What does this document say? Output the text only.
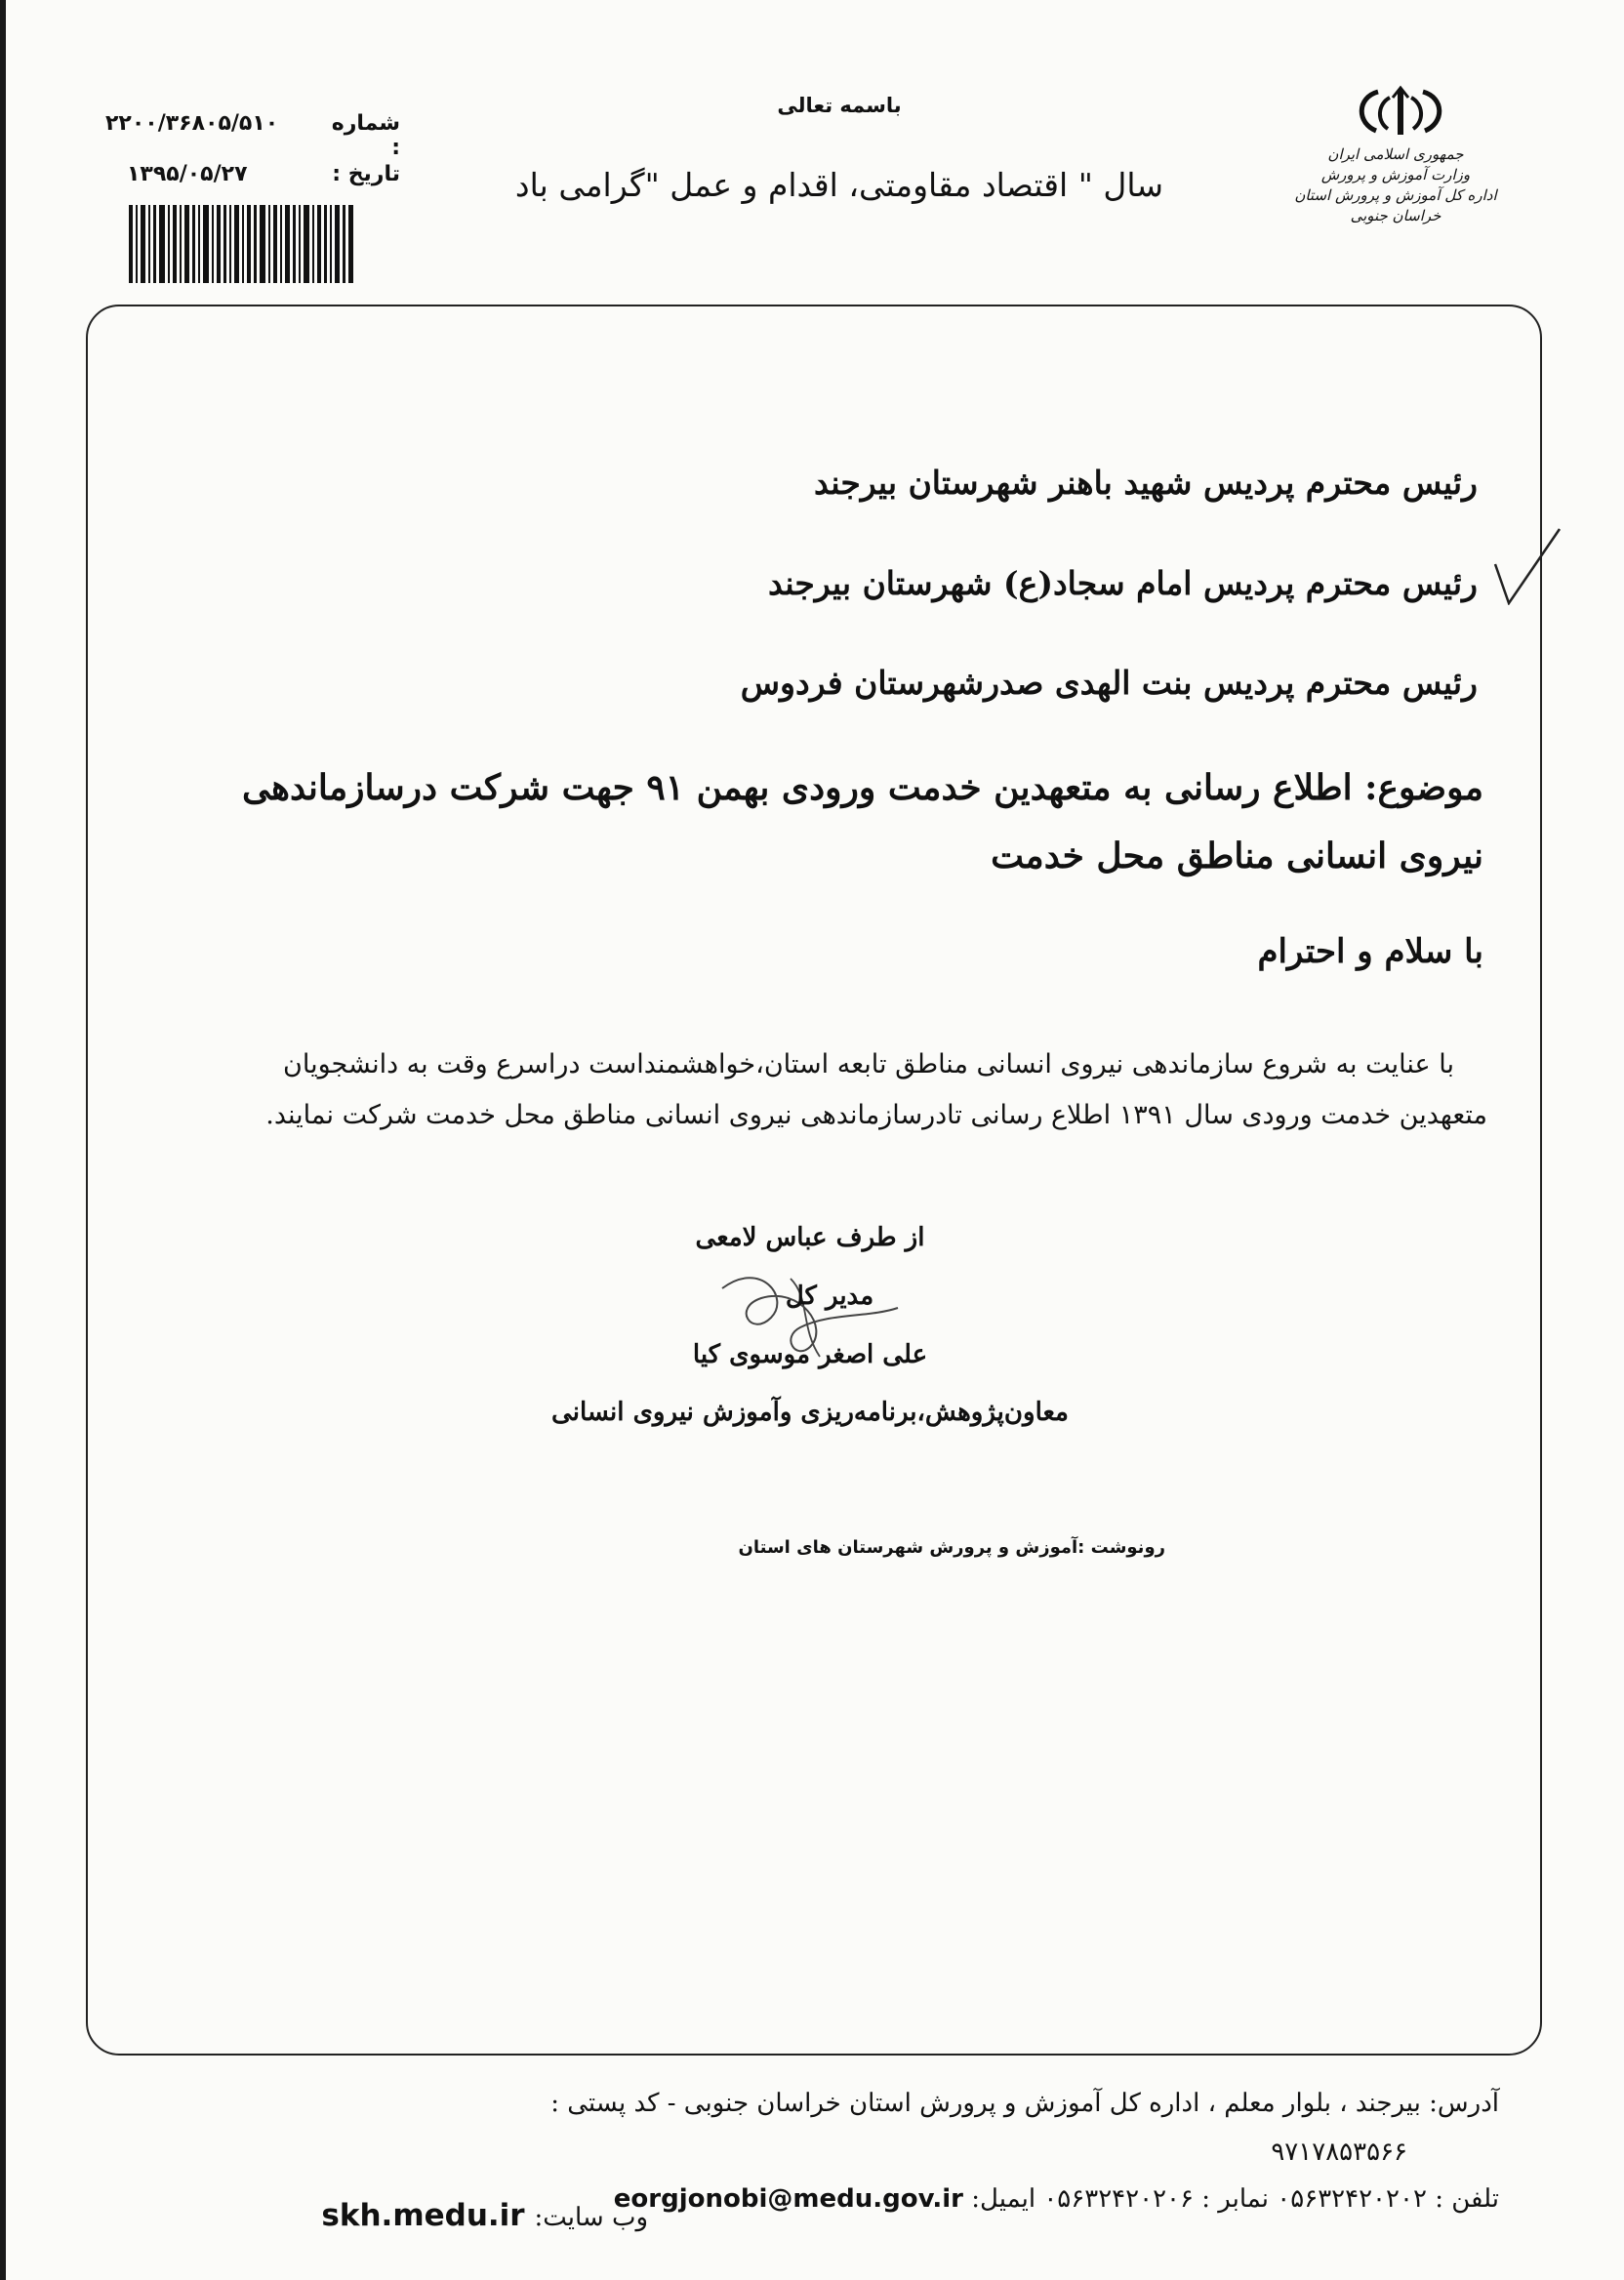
باسمه تعالی
سال " اقتصاد مقاومتی، اقدام و عمل "گرامی باد
جمهوری اسلامی ایران
وزارت آموزش و پرورش
اداره کل آموزش و پرورش استان خراسان جنوبی
شماره :
۲۲۰۰/۳۶۸۰۵/۵۱۰
تاریخ :
۱۳۹۵/۰۵/۲۷
رئیس محترم پردیس شهید باهنر شهرستان بیرجند
رئیس محترم پردیس امام سجاد(ع) شهرستان بیرجند
رئیس محترم پردیس بنت الهدی صدرشهرستان فردوس
موضوع: اطلاع رسانی به متعهدین خدمت ورودی بهمن ۹۱ جهت شرکت درسازماندهی
نیروی انسانی مناطق محل خدمت
با سلام و احترام
با عنایت به شروع سازماندهی نیروی انسانی مناطق تابعه استان،خواهشمنداست دراسرع وقت به دانشجویان
متعهدین خدمت ورودی سال ۱۳۹۱ اطلاع رسانی تادرسازماندهی نیروی انسانی مناطق محل خدمت شرکت نمایند.
از طرف عباس لامعی
مدیر کل
علی اصغر موسوی کیا
معاون‌پژوهش،برنامه‌ریزی و‌آموزش نیروی انسانی
رونوشت :آموزش و پرورش شهرستان های استان
آدرس: بیرجند ، بلوار معلم ، اداره کل آموزش و پرورش استان خراسان جنوبی - کد پستی :
۹۷۱۷۸۵۳۵۶۶
تلفن : ۰۵۶۳۲۴۲۰۲۰۲ نمابر : ۰۵۶۳۲۴۲۰۲۰۶ ایمیل: eorgjonobi@medu.gov.ir
وب سایت: skh.medu.ir
